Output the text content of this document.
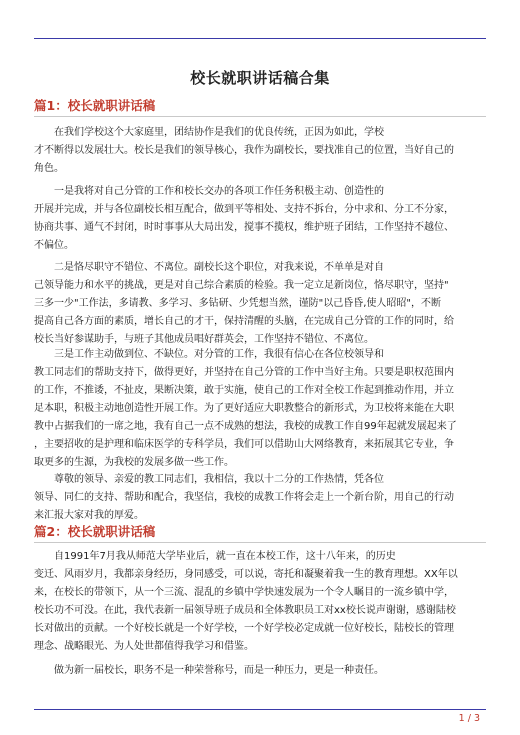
校长就职讲话稿合集
篇1：校长就职讲话稿
在我们学校这个大家庭里，团结协作是我们的优良传统，正因为如此，学校
才不断得以发展壮大。校长是我们的领导核心，我作为副校长，要找准自己的位置，当好自己的
角色。
一是我将对自己分管的工作和校长交办的各项工作任务积极主动、创造性的
开展并完成，并与各位副校长相互配合，做到平等相处、支持不拆台，分中求和、分工不分家，
协商共事、通气不封闭，时时事事从大局出发，搅事不揽权，维护班子团结，工作坚持不越位、
不偏位。
二是恪尽职守不错位、不离位。副校长这个职位，对我来说，不单单是对自
己领导能力和水平的挑战，更是对自己综合素质的检验。我一定立足新岗位，恪尽职守，坚持"
三多一少"工作法，多请教、多学习、多钻研、少凭想当然，谨防"以己昏昏,使人昭昭"，不断
提高自己各方面的素质，增长自己的才干，保持清醒的头脑，在完成自己分管的工作的同时，给
校长当好参谋助手，与班子其他成员唱好群英会，工作坚持不错位、不离位。
三是工作主动做到位、不缺位。对分管的工作，我很有信心在各位校领导和
教工同志们的帮助支持下，做得更好，并坚持在自己分管的工作中当好主角。只要是职权范围内
的工作，不推诿，不扯皮，果断决策，敢于实施，使自己的工作对全校工作起到推动作用，并立
足本职，积极主动地创造性开展工作。为了更好适应大职教整合的新形式，为卫校将来能在大职
教中占据我们的一席之地，我有自己一点不成熟的想法，我校的成教工作自99年起就发展起来了
，主要招收的是护理和临床医学的专科学员，我们可以借助山大网络教育，来拓展其它专业，争
取更多的生源，为我校的发展多做一些工作。
尊敬的领导、亲爱的教工同志们，我相信，我以十二分的工作热情，凭各位
领导、同仁的支持、帮助和配合，我坚信，我校的成教工作将会走上一个新台阶，用自己的行动
来汇报大家对我的厚爱。
篇2：校长就职讲话稿
自1991年7月我从师范大学毕业后，就一直在本校工作，这十八年来，的历史
变迁、风雨岁月，我都亲身经历，身同感受，可以说，寄托和凝聚着我一生的教育理想。XX年以
来，在校长的带领下，从一个三流、混乱的乡镇中学快速发展为一个令人瞩目的一流乡镇中学，
校长功不可没。在此，我代表新一届领导班子成员和全体教职员工对xx校长说声谢谢，感谢陆校
长对做出的贡献。一个好校长就是一个好学校，一个好学校必定成就一位好校长，陆校长的管理
理念、战略眼光、为人处世都值得我学习和借鉴。
做为新一届校长，职务不是一种荣誉称号，而是一种压力，更是一种责任。
1 / 3
